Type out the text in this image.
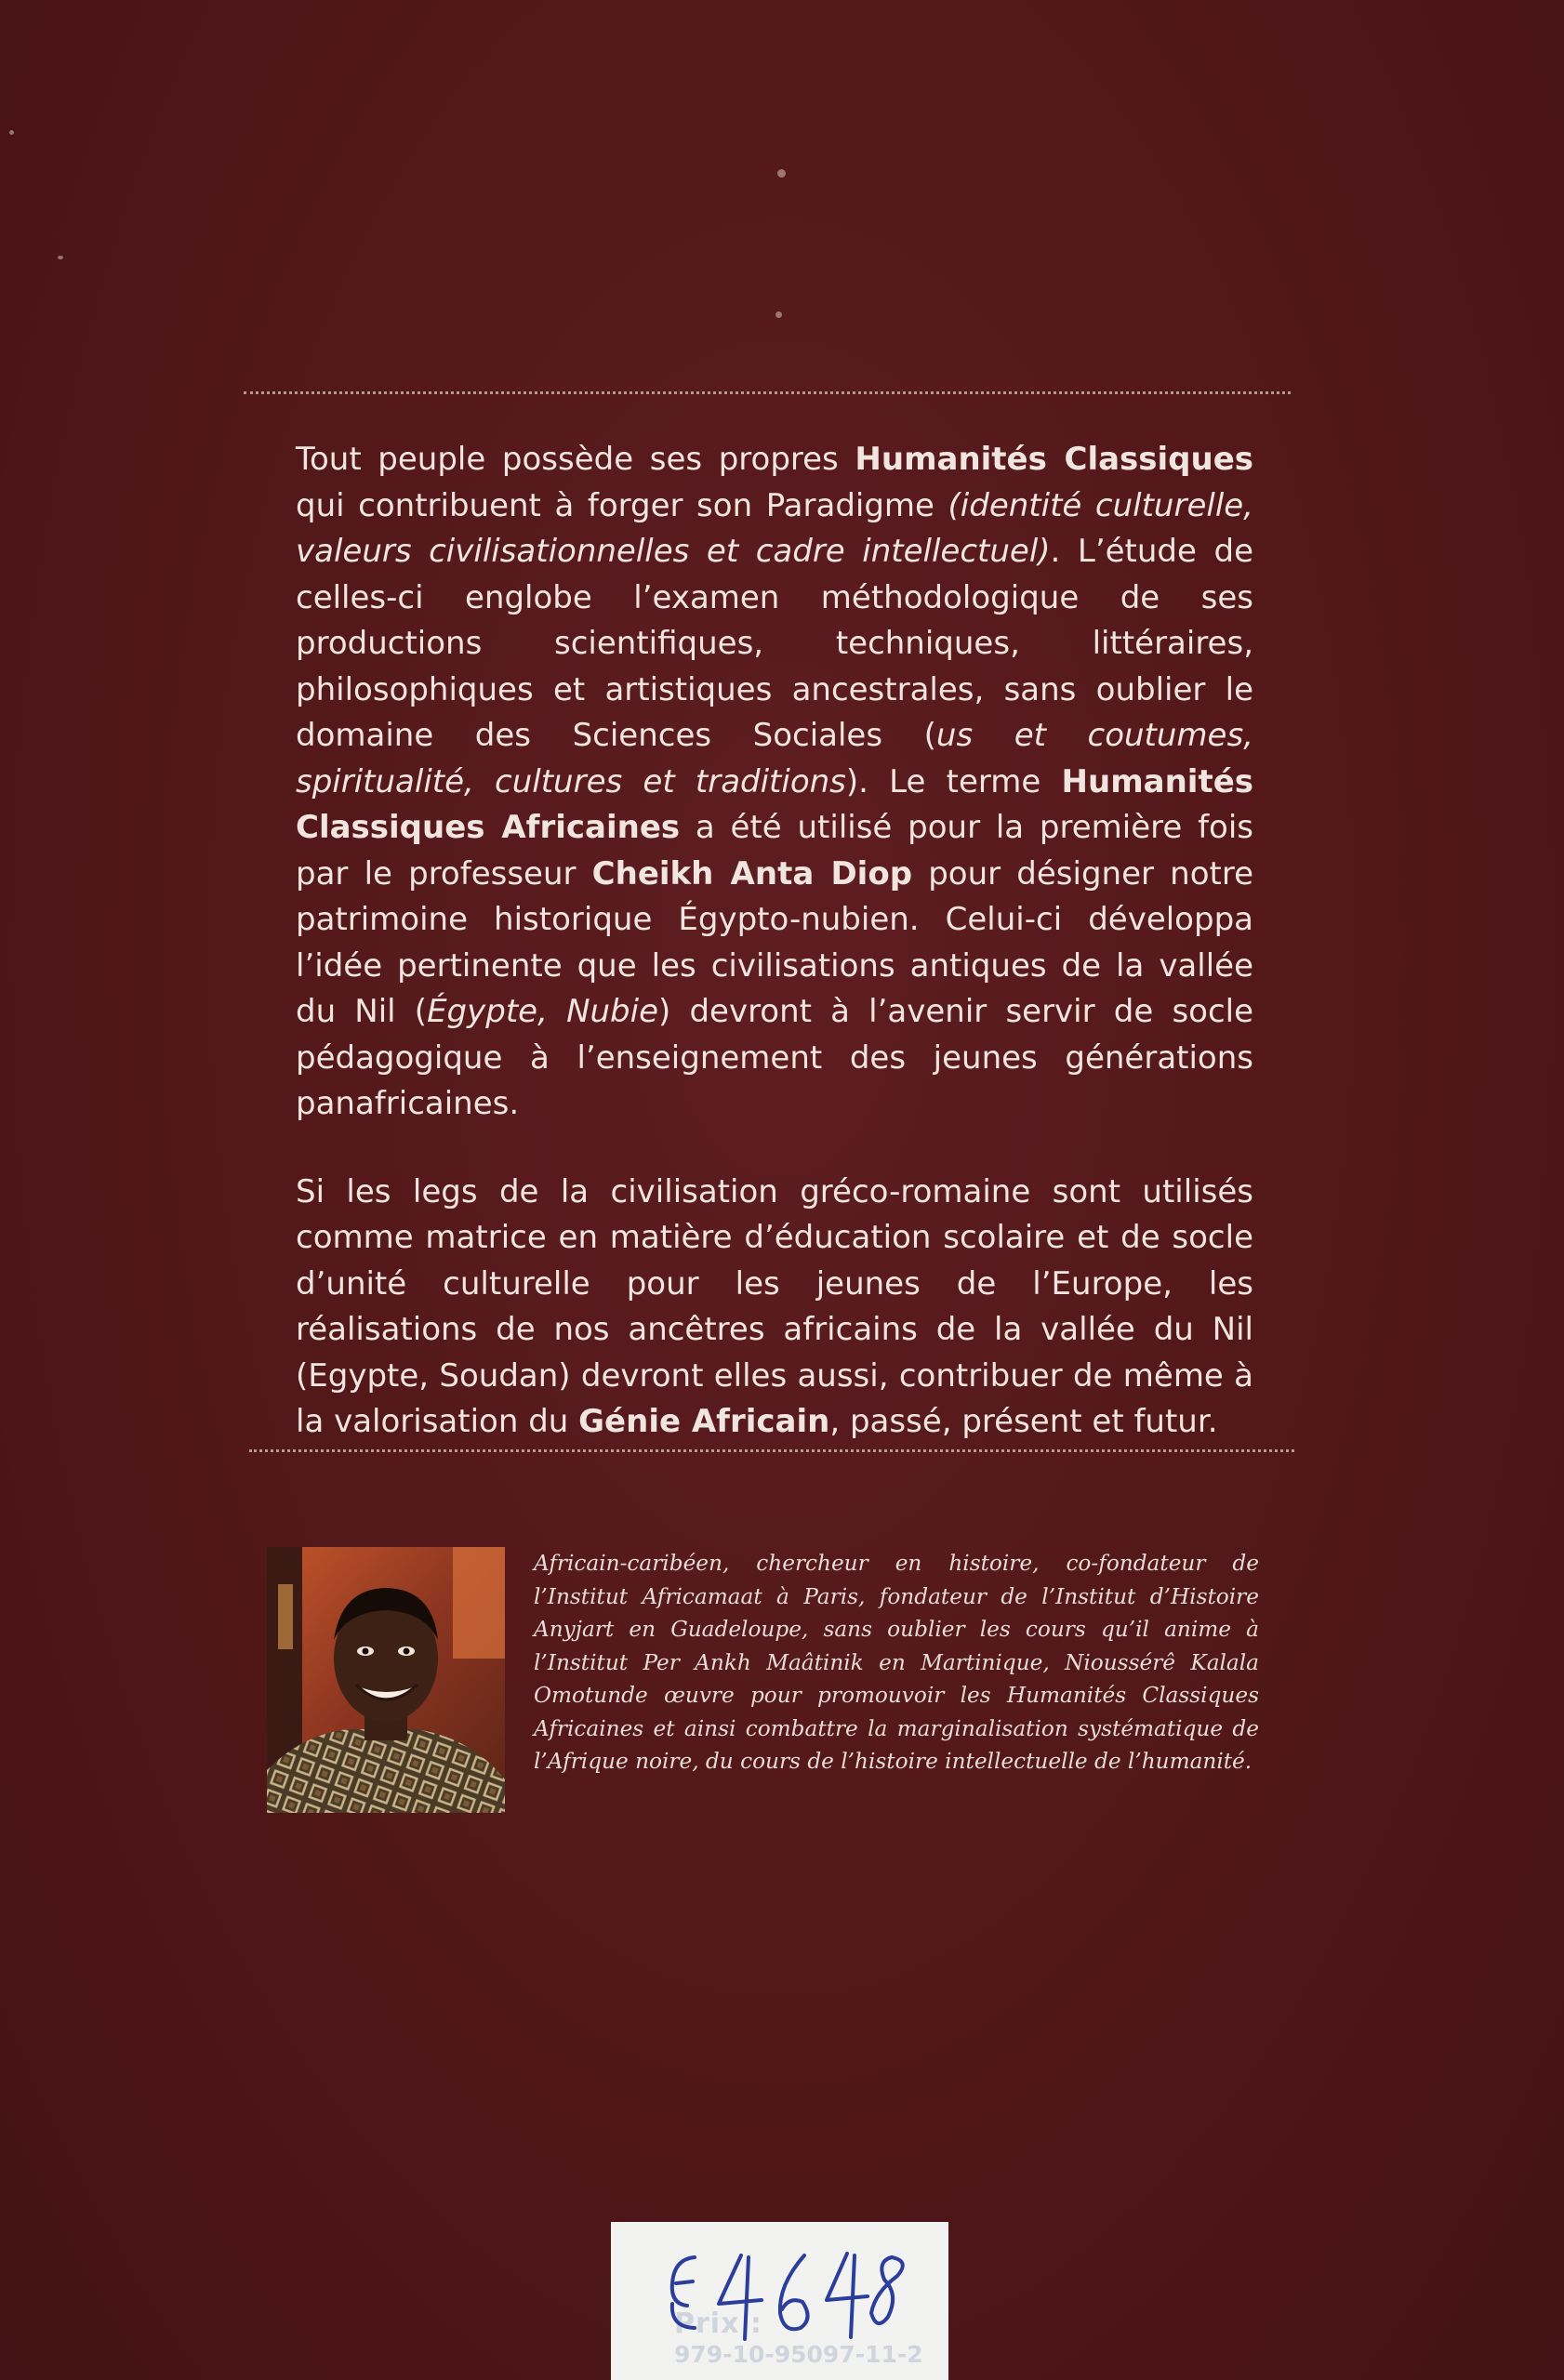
Tout peuple possède ses propres Humanités Classiques qui contribuent à forger son Paradigme (identité culturelle, valeurs civilisationnelles et cadre intellectuel). L’étude de celles-ci englobe l’examen méthodologique de ses productions scientifiques, techniques, littéraires, philosophiques et artistiques ancestrales, sans oublier le domaine des Sciences Sociales (us et coutumes, spiritualité, cultures et traditions). Le terme Humanités Classiques Africaines a été utilisé pour la première fois par le professeur Cheikh Anta Diop pour désigner notre patrimoine historique Égypto-nubien. Celui-ci développa l’idée pertinente que les civilisations antiques de la vallée du Nil (Égypte, Nubie) devront à l’avenir servir de socle pédagogique à l’enseignement des jeunes générations panafricaines.

Si les legs de la civilisation gréco-romaine sont utilisés comme matrice en matière d’éducation scolaire et de socle d’unité culturelle pour les jeunes de l’Europe, les réalisations de nos ancêtres africains de la vallée du Nil (Egypte, Soudan) devront elles aussi, contribuer de même à la valorisation du Génie Africain, passé, présent et futur.

Africain-caribéen, chercheur en histoire, co-fondateur de l’Institut Africamaat à Paris, fondateur de l’Institut d’Histoire Anyjart en Guadeloupe, sans oublier les cours qu’il anime à l’Institut Per Ankh Maâtinik en Martinique, Nioussérê Kalala Omotunde œuvre pour promouvoir les Humanités Classiques Africaines et ainsi combattre la marginalisation systématique de l’Afrique noire, du cours de l’histoire intellectuelle de l’humanité.

Prix :
979-10-95097-11-2
